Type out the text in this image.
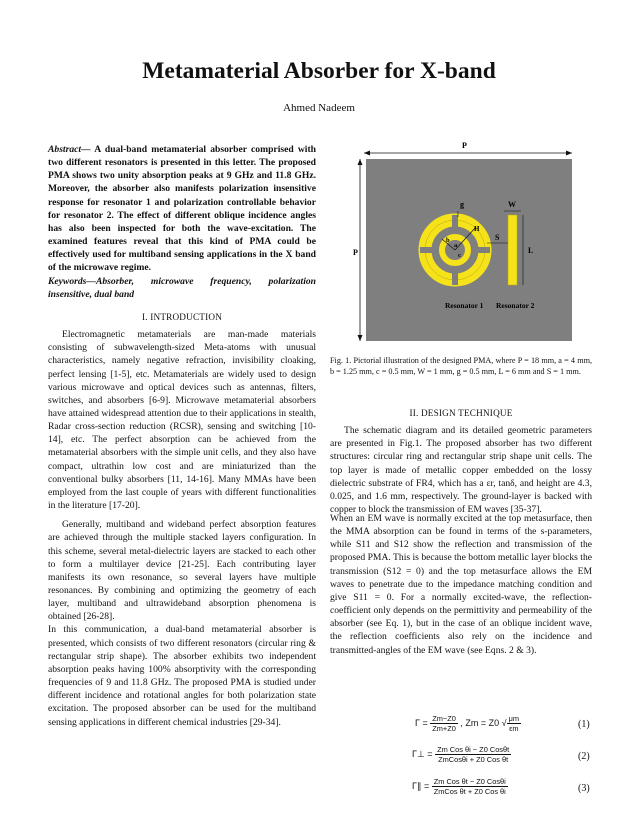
Metamaterial Absorber for X-band
Ahmed Nadeem

Abstract— A dual-band metamaterial absorber comprised with two different resonators is presented in this letter. The proposed PMA shows two unity absorption peaks at 9 GHz and 11.8 GHz. Moreover, the absorber also manifests polarization insensitive response for resonator 1 and polarization controllable behavior for resonator 2. The effect of different oblique incidence angles has also been inspected for both the wave-excitation. The examined features reveal that this kind of PMA could be effectively used for multiband sensing applications in the X band of the microwave regime.

Keywords—Absorber, microwave frequency, polarization insensitive, dual band

I. INTRODUCTION

Electromagnetic metamaterials are man-made materials consisting of subwavelength-sized Meta-atoms with unusual characteristics, namely negative refraction, invisibility cloaking, perfect lensing [1-5], etc. Metamaterials are widely used to design various microwave and optical devices such as antennas, filters, switches, and absorbers [6-9]. Microwave metamaterial absorbers have attained widespread attention due to their applications in stealth, Radar cross-section reduction (RCSR), sensing and switching [10-14], etc. The perfect absorption can be achieved from the metamaterial absorbers with the simple unit cells, and they also have compact, ultrathin low cost and are miniaturized than the conventional bulky absorbers [11, 14-16]. Many MMAs have been employed from the last couple of years with different functionalities in the literature [17-20].

Generally, multiband and wideband perfect absorption features are achieved through the multiple stacked layers configuration. In this scheme, several metal-dielectric layers are stacked to each other to form a multilayer device [21-25]. Each contributing layer manifests its own resonance, so several layers have multiple resonances. By combining and optimizing the geometry of each layer, multiband and ultrawideband absorption phenomena is obtained [26-28].

In this communication, a dual-band metamaterial absorber is presented, which consists of two different resonators (circular ring & rectangular strip shape). The absorber exhibits two independent absorption peaks having 100% absorptivity with the corresponding frequencies of 9 and 11.8 GHz. The proposed PMA is studied under different incidence and rotational angles for both polarization state excitation. The proposed absorber can be used for the multiband sensing applications in different chemical industries [29-34].

P
P
H
a
b
c
g	W
S
L
Resonator 1 Resonator 2
Fig. 1. Pictorial illustration of the designed PMA, where P = 18 mm, a = 4 mm, b = 1.25 mm, c = 0.5 mm, W = 1 mm, g = 0.5 mm, L = 6 mm and S = 1 mm.
II. DESIGN TECHNIQUE

The schematic diagram and its detailed geometric parameters are presented in Fig.1. The proposed absorber has two different structures: circular ring and rectangular strip shape unit cells. The top layer is made of metallic copper embedded on the lossy dielectric substrate of FR4, which has a εr, tanδ, and height are 4.3, 0.025, and 1.6 mm, respectively. The ground-layer is backed with copper to block the transmission of EM waves [35-37].

When an EM wave is normally excited at the top metasurface, then the MMA absorption can be found in terms of the s-parameters, while S11 and S12 show the reflection and transmission of the proposed PMA. This is because the bottom metallic layer blocks the transmission (S12 = 0) and the top metasurface allows the EM waves to penetrate due to the impedance matching condition and give S11 = 0. For a normally excited-wave, the reflection-coefficient only depends on the permittivity and permeability of the absorber (see Eq. 1), but in the case of an oblique incident wave, the reflection coefficients also rely on the incidence and transmitted-angles of the EM wave (see Eqns. 2 & 3).

$\Gamma = \frac{Zm-Z0}{Zm+Z0}$ , Zm = Z0 √ $\frac{\mu m}{\varepsilon m}$	(1)
Γ⊥ = $\frac{\text{Zm Cos θi − Z0 Cosθt}}{\text{ZmCosθi + Z0 Cos θt}}$	(2)
Γ∥ = $\frac{\text{Zm Cos θt − Z0 Cosθi}}{\text{ZmCos θt + Z0 Cos θi}}$	(3)
